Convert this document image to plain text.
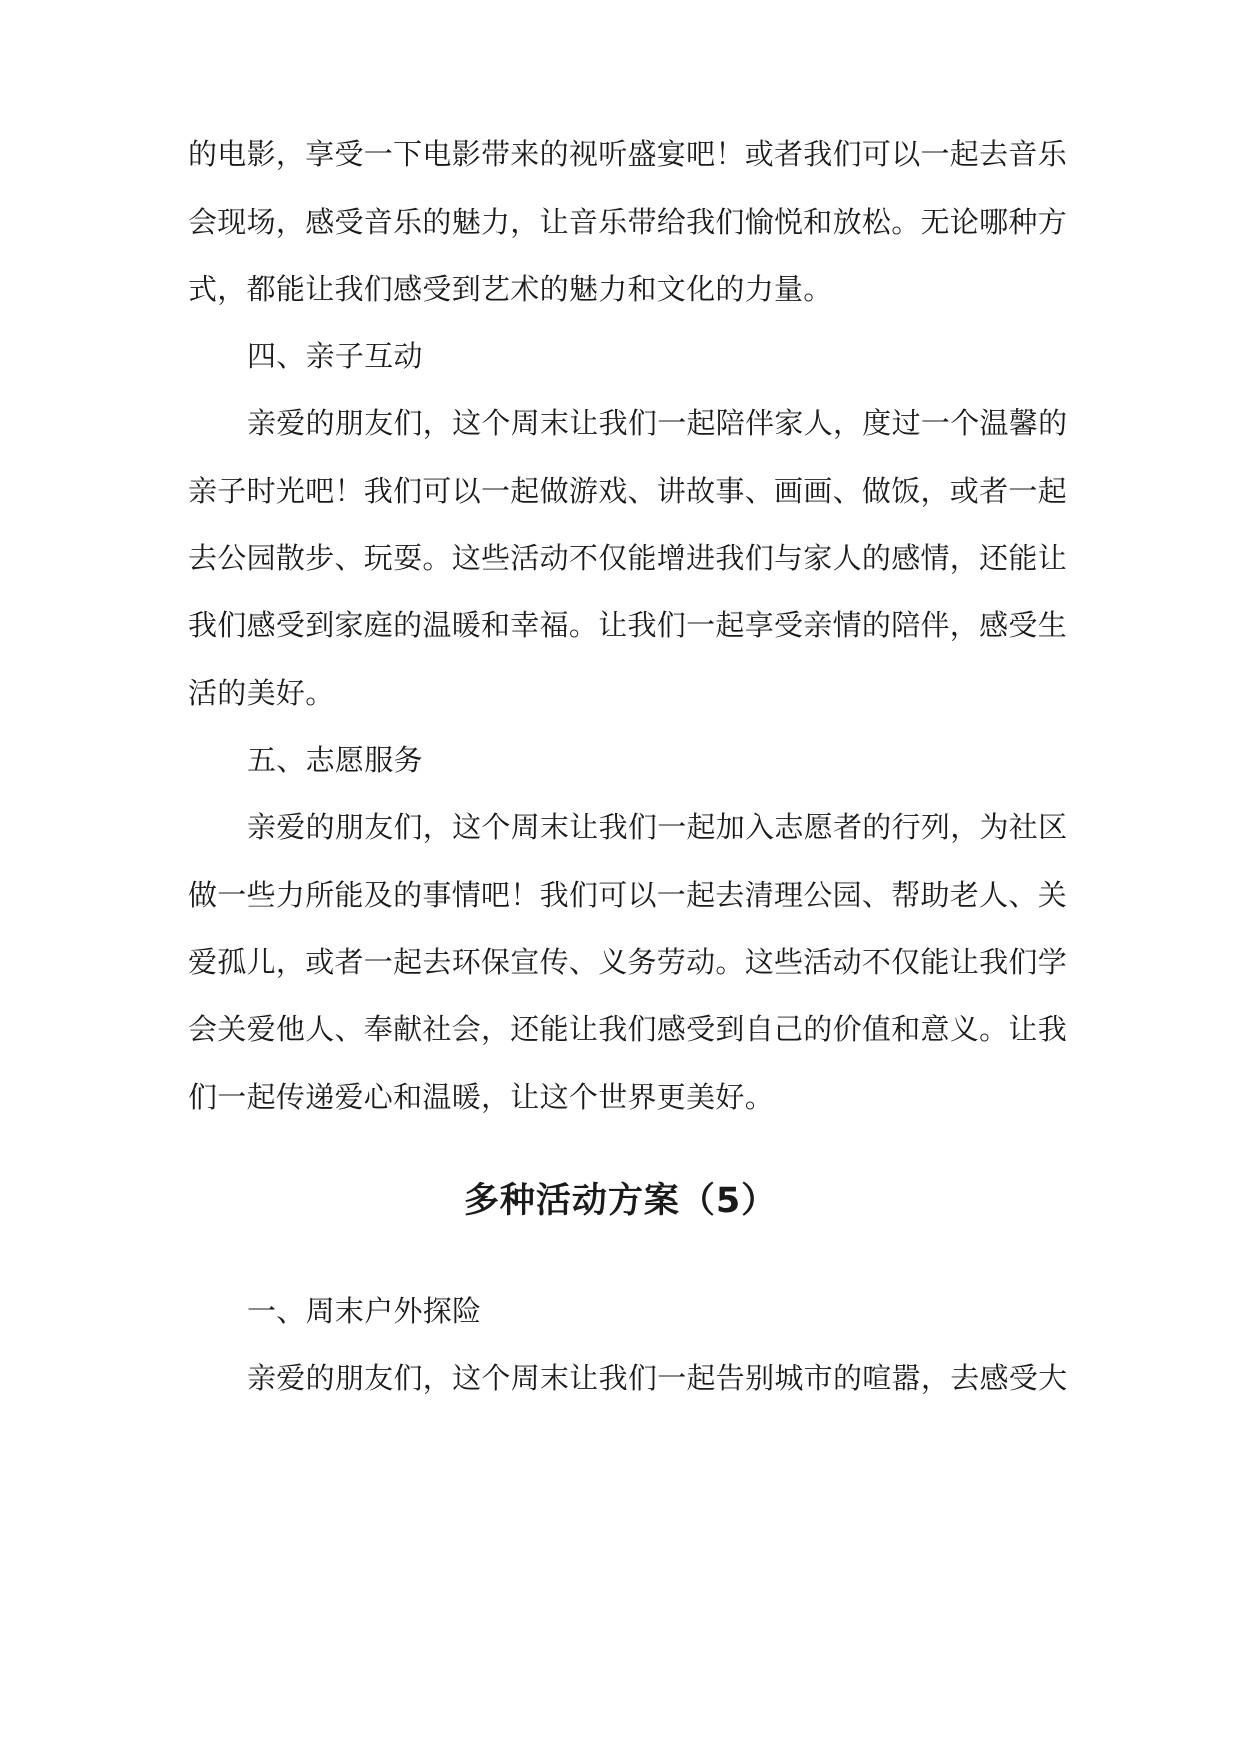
的电影，享受一下电影带来的视听盛宴吧！或者我们可以一起去音乐
会现场，感受音乐的魅力，让音乐带给我们愉悦和放松。无论哪种方
式，都能让我们感受到艺术的魅力和文化的力量。
四、亲子互动
亲爱的朋友们，这个周末让我们一起陪伴家人，度过一个温馨的
亲子时光吧！我们可以一起做游戏、讲故事、画画、做饭，或者一起
去公园散步、玩耍。这些活动不仅能增进我们与家人的感情，还能让
我们感受到家庭的温暖和幸福。让我们一起享受亲情的陪伴，感受生
活的美好。
五、志愿服务
亲爱的朋友们，这个周末让我们一起加入志愿者的行列，为社区
做一些力所能及的事情吧！我们可以一起去清理公园、帮助老人、关
爱孤儿，或者一起去环保宣传、义务劳动。这些活动不仅能让我们学
会关爱他人、奉献社会，还能让我们感受到自己的价值和意义。让我
们一起传递爱心和温暖，让这个世界更美好。
多种活动方案（5）
一、周末户外探险
亲爱的朋友们，这个周末让我们一起告别城市的喧嚣，去感受大
